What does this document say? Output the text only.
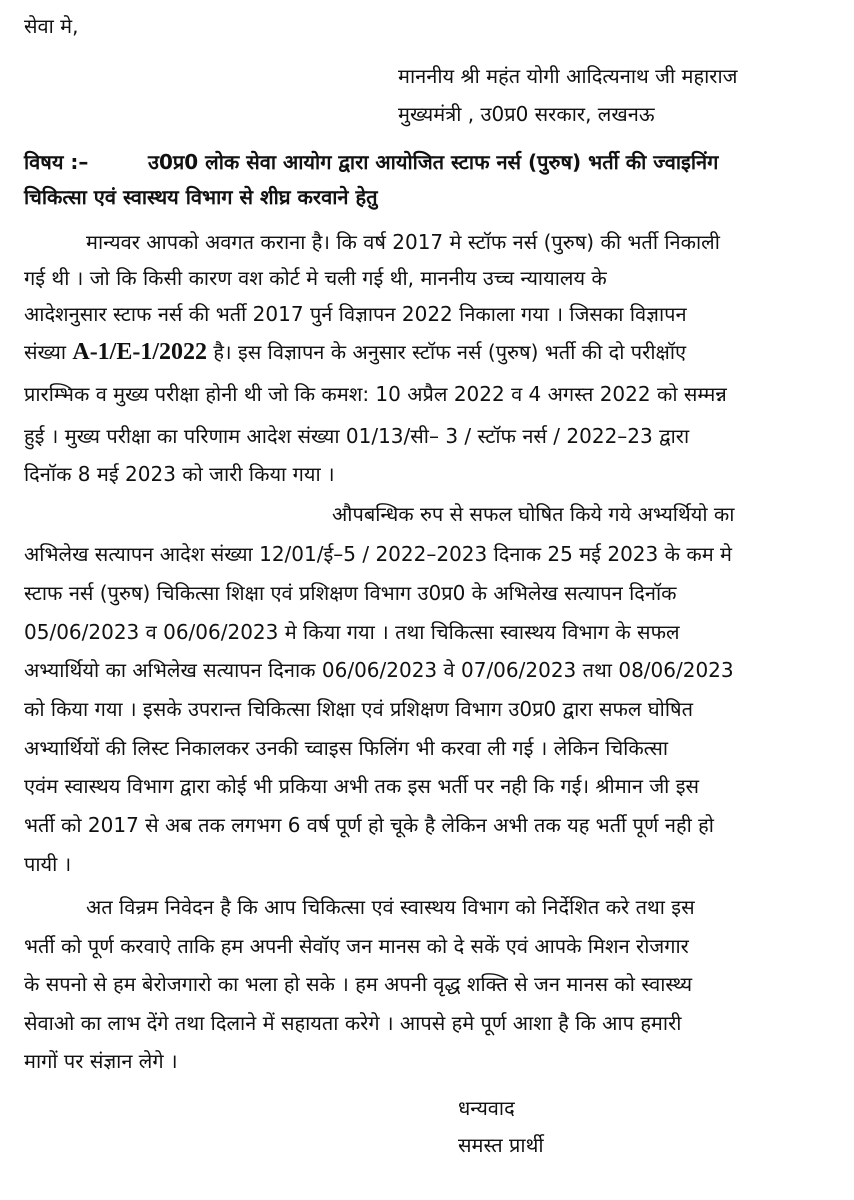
सेवा मे,
माननीय श्री महंत योगी आदित्यनाथ जी महाराज
मुख्यमंत्री , उ0प्र0 सरकार, लखनऊ
विषय :–	उ0प्र0 लोक सेवा आयोग द्वारा आयोजित स्टाफ नर्स (पुरुष) भर्ती की ज्वाइनिंग
चिकित्सा एवं स्वास्थय विभाग से शीघ्र करवाने हेतु
मान्यवर आपको अवगत कराना है। कि वर्ष 2017 मे स्टॉफ नर्स (पुरुष) की भर्ती निकाली
गई थी । जो कि किसी कारण वश कोर्ट मे चली गई थी, माननीय उच्च न्यायालय के
आदेशनुसार स्टाफ नर्स की भर्ती 2017 पुर्न विज्ञापन 2022 निकाला गया । जिसका विज्ञापन
संख्या A-1/E-1/2022 है। इस विज्ञापन के अनुसार स्टॉफ नर्स (पुरुष) भर्ती की दो परीक्षॉए
प्रारम्भिक व मुख्य परीक्षा होनी थी जो कि कमश: 10 अप्रैल 2022 व 4 अगस्त 2022 को सम्मन्न
हुई । मुख्य परीक्षा का परिणाम आदेश संख्या 01/13/सी– 3 / स्टॉफ नर्स / 2022–23 द्वारा
दिनॉक 8 मई 2023 को जारी किया गया ।
औपबन्धिक रुप से सफल घोषित किये गये अभ्यर्थियो का
अभिलेख सत्यापन आदेश संख्या 12/01/ई–5 / 2022–2023 दिनाक 25 मई 2023 के कम मे
स्टाफ नर्स (पुरुष) चिकित्सा शिक्षा एवं प्रशिक्षण विभाग उ0प्र0 के अभिलेख सत्यापन दिनॉक
05/06/2023 व 06/06/2023 मे किया गया । तथा चिकित्सा स्वास्थय विभाग के सफल
अभ्यार्थियो का अभिलेख सत्यापन दिनाक 06/06/2023 वे 07/06/2023 तथा 08/06/2023
को किया गया । इसके उपरान्त चिकित्सा शिक्षा एवं प्रशिक्षण विभाग उ0प्र0 द्वारा सफल घोषित
अभ्यार्थियों की लिस्ट निकालकर उनकी च्वाइस फिलिंग भी करवा ली गई । लेकिन चिकित्सा
एवंम स्वास्थय विभाग द्वारा कोई भी प्रकिया अभी तक इस भर्ती पर नही कि गई। श्रीमान जी इस
भर्ती को 2017 से अब तक लगभग 6 वर्ष पूर्ण हो चूके है लेकिन अभी तक यह भर्ती पूर्ण नही हो
पायी ।
अत विन्रम निवेदन है कि आप चिकित्सा एवं स्वास्थय विभाग को निर्देशित करे तथा इस
भर्ती को पूर्ण करवाऐ ताकि हम अपनी सेवॉए जन मानस को दे सकें एवं आपके मिशन रोजगार
के सपनो से हम बेरोजगारो का भला हो सके । हम अपनी वृद्ध शक्ति से जन मानस को स्वास्थ्य
सेवाओ का लाभ देंगे तथा दिलाने में सहायता करेगे । आपसे हमे पूर्ण आशा है कि आप हमारी
मागों पर संज्ञान लेगे ।
धन्यवाद
समस्त प्रार्थी
